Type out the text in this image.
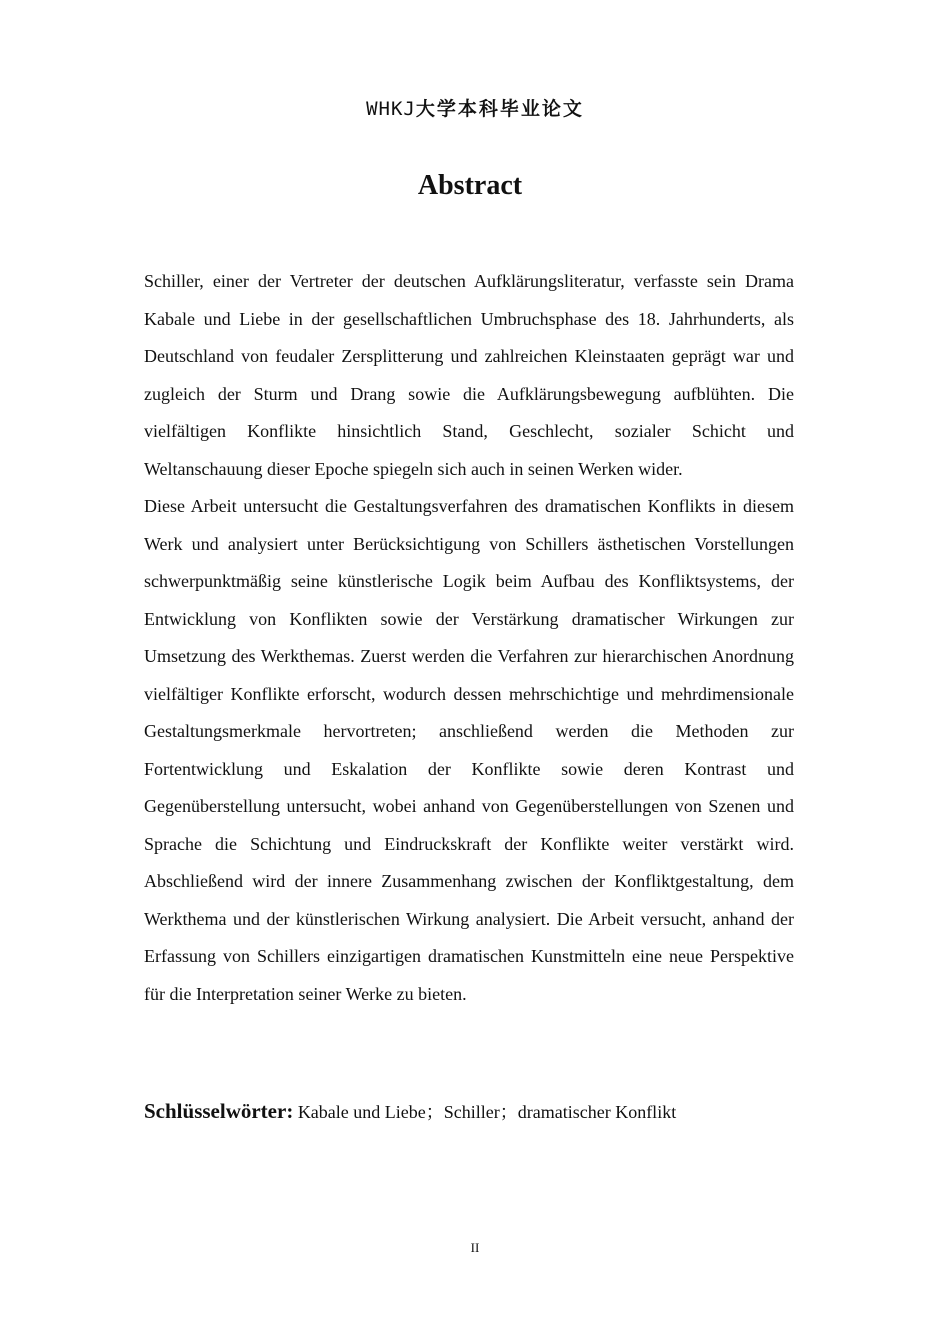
WHKJ大学本科毕业论文
Abstract

Schiller, einer der Vertreter der deutschen Aufklärungsliteratur, verfasste sein Drama Kabale und Liebe in der gesellschaftlichen Umbruchsphase des 18. Jahrhunderts, als Deutschland von feudaler Zersplitterung und zahlreichen Kleinstaaten geprägt war und zugleich der Sturm und Drang sowie die Aufklärungsbewegung aufblühten. Die vielfältigen Konflikte hinsichtlich Stand, Geschlecht, sozialer Schicht und Weltanschauung dieser Epoche spiegeln sich auch in seinen Werken wider.

Diese Arbeit untersucht die Gestaltungsverfahren des dramatischen Konflikts in diesem Werk und analysiert unter Berücksichtigung von Schillers ästhetischen Vorstellungen schwerpunktmäßig seine künstlerische Logik beim Aufbau des Konfliktsystems, der Entwicklung von Konflikten sowie der Verstärkung dramatischer Wirkungen zur Umsetzung des Werkthemas. Zuerst werden die Verfahren zur hierarchischen Anordnung vielfältiger Konflikte erforscht, wodurch dessen mehrschichtige und mehrdimensionale Gestaltungsmerkmale hervortreten; anschließend werden die Methoden zur Fortentwicklung und Eskalation der Konflikte sowie deren Kontrast und Gegenüberstellung untersucht, wobei anhand von Gegenüberstellungen von Szenen und Sprache die Schichtung und Eindruckskraft der Konflikte weiter verstärkt wird. Abschließend wird der innere Zusammenhang zwischen der Konfliktgestaltung, dem Werkthema und der künstlerischen Wirkung analysiert. Die Arbeit versucht, anhand der Erfassung von Schillers einzigartigen dramatischen Kunstmitteln eine neue Perspektive für die Interpretation seiner Werke zu bieten.

Schlüsselwörter: Kabale und Liebe；Schiller；dramatischer Konflikt
II
